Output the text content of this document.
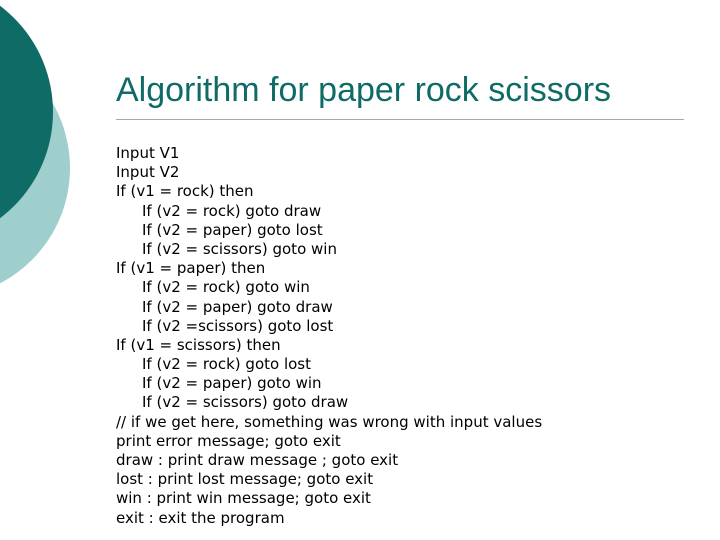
Algorithm for paper rock scissors
Input V1
Input V2
If (v1 = rock) then
If (v2 = rock) goto draw
If (v2 = paper) goto lost
If (v2 = scissors) goto win
If (v1 = paper) then
If (v2 = rock) goto win
If (v2 = paper) goto draw
If (v2 =scissors) goto lost
If (v1 = scissors) then
If (v2 = rock) goto lost
If (v2 = paper) goto win
If (v2 = scissors) goto draw
// if we get here, something was wrong with input values
print error message; goto exit
draw : print draw message ; goto exit
lost : print lost message; goto exit
win : print win message; goto exit
exit : exit the program
